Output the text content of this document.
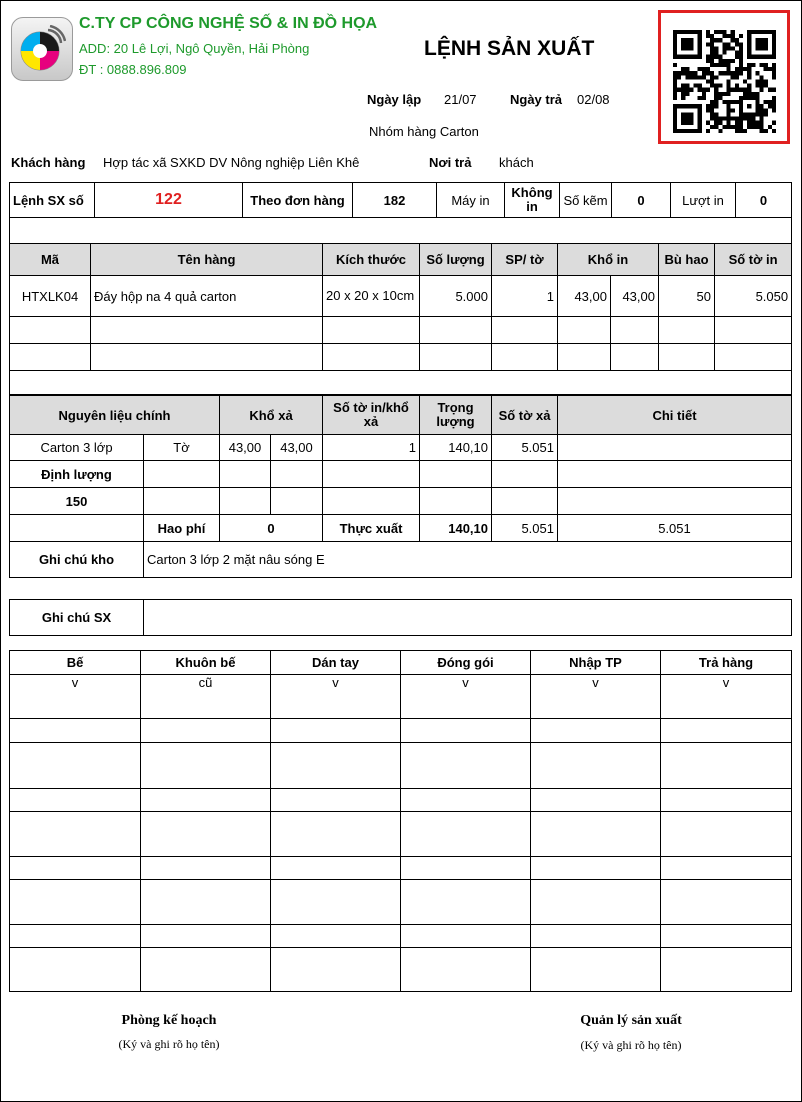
C.TY CP CÔNG NGHỆ SỐ & IN ĐỒ HỌA
ADD: 20 Lê Lợi, Ngô Quyền, Hải Phòng
ĐT : 0888.896.809
LỆNH SẢN XUẤT
Ngày lập 21/07	Ngày trả 02/08
Nhóm hàng Carton
Khách hàng Hợp tác xã SXKD DV Nông nghiệp Liên Khê	Nơi trả khách
Lệnh SX số	122	Theo đơn hàng	182	Máy in	Không in	Số kẽm	0	Lượt in	0

Mã	Tên hàng	Kích thước	Số lượng	SP/ tờ	Khổ in		Bù hao	Số tờ in
HTXLK04	Đáy hộp na 4 quả carton	20 x 20 x 10cm	5.000	1	43,00	43,00	50	5.050

Nguyên liệu chính		Khổ xả		Số tờ in/khổ xả	Trọng lượng	Số tờ xả	Chi tiết
Carton 3 lớp	Tờ	43,00	43,00	1	140,10	5.051	
Định lượng							
150							
	Hao phí	0		Thực xuất	140,10	5.051	5.051
Ghi chú kho	Carton 3 lớp 2 mặt nâu sóng E						
Ghi chú SX	
Bế	Khuôn bế	Dán tay	Đóng gói	Nhập TP	Trả hàng
v	cũ	v	v	v	v

Phòng kế hoạch
(Ký và ghi rõ họ tên)
Quản lý sản xuất
(Ký và ghi rõ họ tên)
